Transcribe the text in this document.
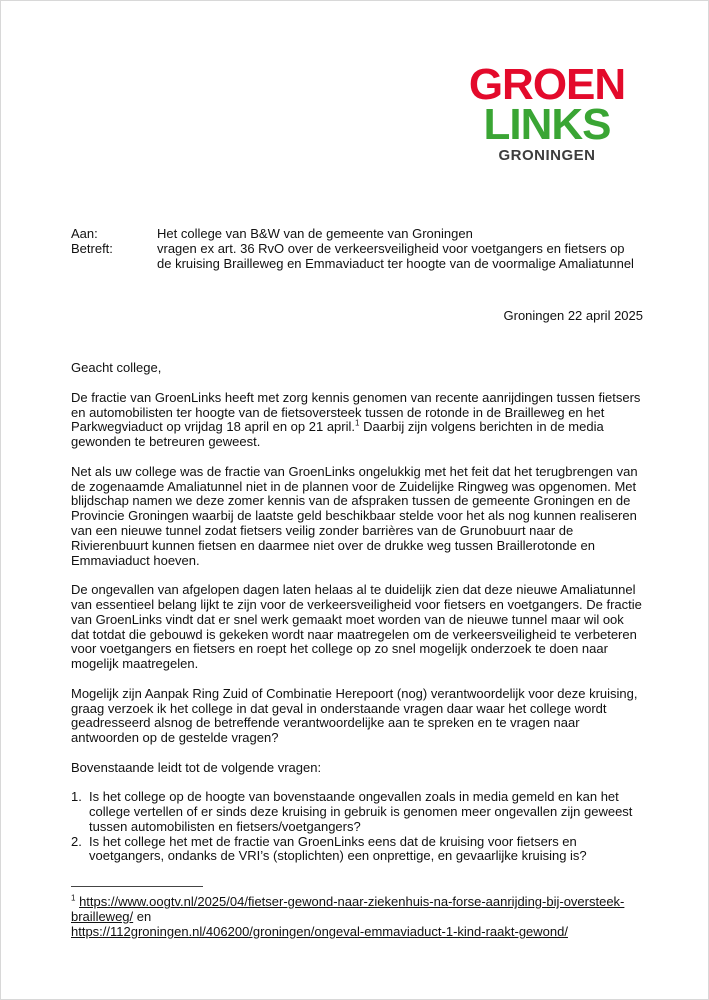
GROEN
LINKS
GRONINGEN
Aan:	Het college van B&W van de gemeente van Groningen
Betreft:	vragen ex art. 36 RvO over de verkeersveiligheid voor voetgangers en fietsers op
de kruising Brailleweg en Emmaviaduct ter hoogte van de voormalige Amaliatunnel
Groningen 22 april 2025

Geacht college,

De fractie van GroenLinks heeft met zorg kennis genomen van recente aanrijdingen tussen fietsers en automobilisten ter hoogte van de fietsoversteek tussen de rotonde in de Brailleweg en het Parkwegviaduct op vrijdag 18 april en op 21 april.$^1$ Daarbij zijn volgens berichten in de media gewonden te betreuren geweest.

Net als uw college was de fractie van GroenLinks ongelukkig met het feit dat het terugbrengen van de zogenaamde Amaliatunnel niet in de plannen voor de Zuidelijke Ringweg was opgenomen. Met blijdschap namen we deze zomer kennis van de afspraken tussen de gemeente Groningen en de Provincie Groningen waarbij de laatste geld beschikbaar stelde voor het als nog kunnen realiseren van een nieuwe tunnel zodat fietsers veilig zonder barrières van de Grunobuurt naar de Rivierenbuurt kunnen fietsen en daarmee niet over de drukke weg tussen Braillerotonde en Emmaviaduct hoeven.

De ongevallen van afgelopen dagen laten helaas al te duidelijk zien dat deze nieuwe Amaliatunnel van essentieel belang lijkt te zijn voor de verkeersveiligheid voor fietsers en voetgangers. De fractie van GroenLinks vindt dat er snel werk gemaakt moet worden van de nieuwe tunnel maar wil ook dat totdat die gebouwd is gekeken wordt naar maatregelen om de verkeersveiligheid te verbeteren voor voetgangers en fietsers en roept het college op zo snel mogelijk onderzoek te doen naar mogelijk maatregelen.

Mogelijk zijn Aanpak Ring Zuid of Combinatie Herepoort (nog) verantwoordelijk voor deze kruising, graag verzoek ik het college in dat geval in onderstaande vragen daar waar het college wordt geadresseerd alsnog de betreffende verantwoordelijke aan te spreken en te vragen naar antwoorden op de gestelde vragen?

Bovenstaande leidt tot de volgende vragen:

1. Is het college op de hoogte van bovenstaande ongevallen zoals in media gemeld en kan het college vertellen of er sinds deze kruising in gebruik is genomen meer ongevallen zijn geweest tussen automobilisten en fietsers/voetgangers?
2. Is het college het met de fractie van GroenLinks eens dat de kruising voor fietsers en voetgangers, ondanks de VRI’s (stoplichten) een onprettige, en gevaarlijke kruising is?
$^1$ https://www.oogtv.nl/2025/04/fietser-gewond-naar-ziekenhuis-na-forse-aanrijding-bij-oversteek-brailleweg/ en
https://112groningen.nl/406200/groningen/ongeval-emmaviaduct-1-kind-raakt-gewond/
